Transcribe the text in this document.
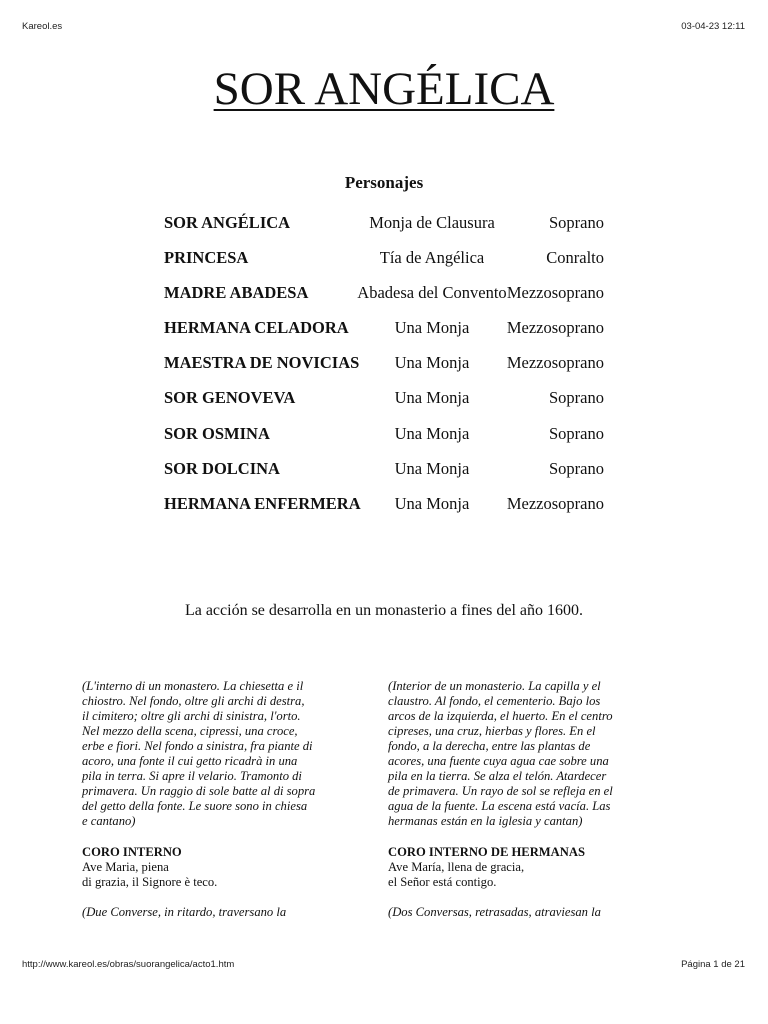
Kareol.es	03-04-23 12:11
SOR ANGÉLICA
Personajes
SOR ANGÉLICA	Monja de Clausura	Soprano
PRINCESA	Tía de Angélica	Conralto
MADRE ABADESA	Abadesa del Convento Mezzosoprano
HERMANA CELADORA	Una Monja	Mezzosoprano
MAESTRA DE NOVICIAS	Una Monja	Mezzosoprano
SOR GENOVEVA	Una Monja	Soprano
SOR OSMINA	Una Monja	Soprano
SOR DOLCINA	Una Monja	Soprano
HERMANA ENFERMERA	Una Monja	Mezzosoprano
La acción se desarrolla en un monasterio a fines del año 1600.

(L'interno di un monastero. La chiesetta e il

chiostro. Nel fondo, oltre gli archi di destra,

il cimitero; oltre gli archi di sinistra, l'orto.

Nel mezzo della scena, cipressi, una croce,

erbe e fiori. Nel fondo a sinistra, fra piante di

acoro, una fonte il cui getto ricadrà in una

pila in terra. Si apre il velario. Tramonto di

primavera. Un raggio di sole batte al di sopra

del getto della fonte. Le suore sono in chiesa

e cantano)

CORO INTERNO

Ave Maria, piena

di grazia, il Signore è teco.

(Due Converse, in ritardo, traversano la

(Interior de un monasterio. La capilla y el

claustro. Al fondo, el cementerio. Bajo los

arcos de la izquierda, el huerto. En el centro

cipreses, una cruz, hierbas y flores. En el

fondo, a la derecha, entre las plantas de

acores, una fuente cuya agua cae sobre una

pila en la tierra. Se alza el telón. Atardecer

de primavera. Un rayo de sol se refleja en el

agua de la fuente. La escena está vacía. Las

hermanas están en la iglesia y cantan)

CORO INTERNO DE HERMANAS

Ave María, llena de gracia,

el Señor está contigo.

(Dos Conversas, retrasadas, atraviesan la

http://www.kareol.es/obras/suorangelica/acto1.htm	Página 1 de 21
